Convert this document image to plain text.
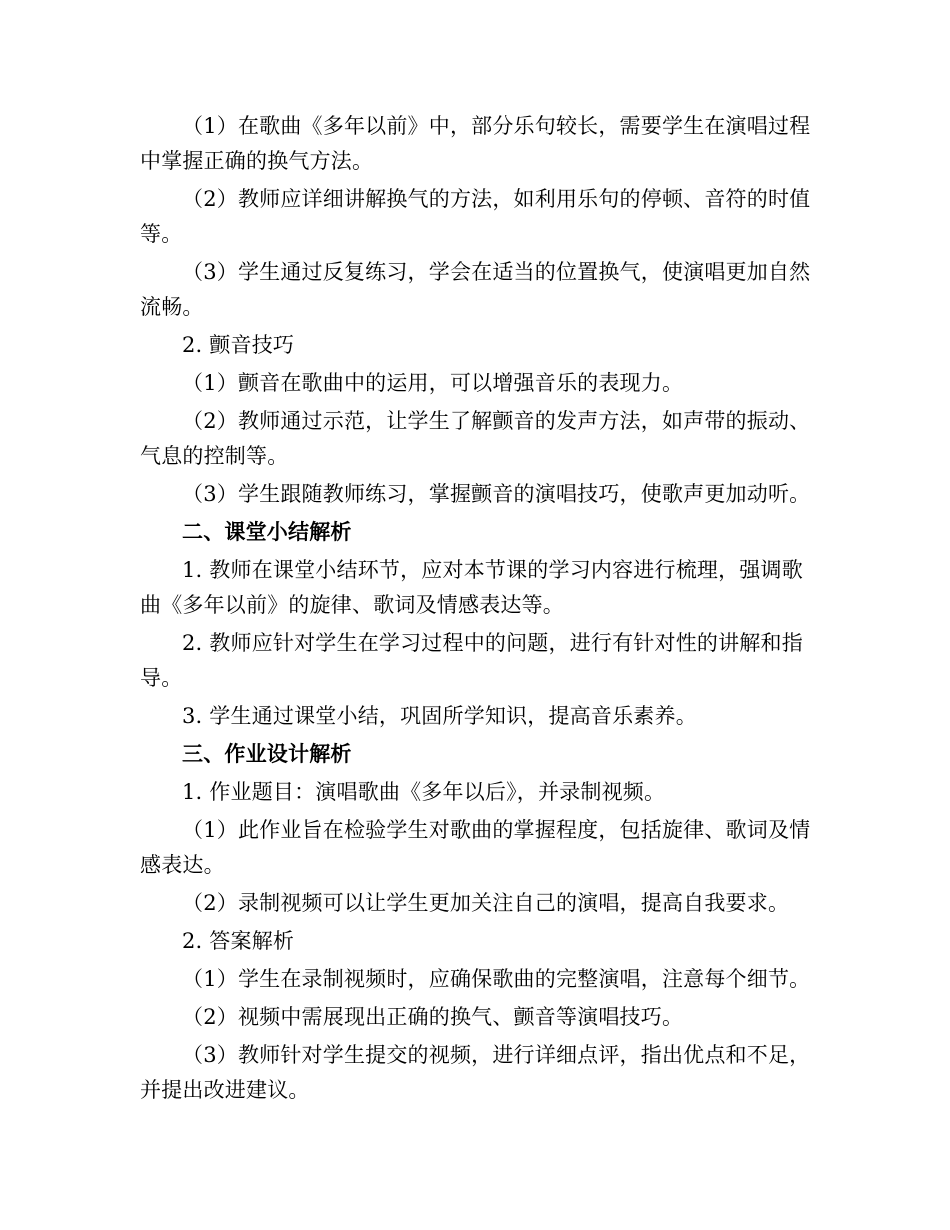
（1）在歌曲《多年以前》中，部分乐句较长，需要学生在演唱过程中掌握正确的换气方法。

（2）教师应详细讲解换气的方法，如利用乐句的停顿、音符的时值等。

（3）学生通过反复练习，学会在适当的位置换气，使演唱更加自然流畅。

2. 颤音技巧

（1）颤音在歌曲中的运用，可以增强音乐的表现力。

（2）教师通过示范，让学生了解颤音的发声方法，如声带的振动、气息的控制等。

（3）学生跟随教师练习，掌握颤音的演唱技巧，使歌声更加动听。

二、课堂小结解析

1. 教师在课堂小结环节，应对本节课的学习内容进行梳理，强调歌曲《多年以前》的旋律、歌词及情感表达等。

2. 教师应针对学生在学习过程中的问题，进行有针对性的讲解和指导。

3. 学生通过课堂小结，巩固所学知识，提高音乐素养。

三、作业设计解析

1. 作业题目：演唱歌曲《多年以后》，并录制视频。

（1）此作业旨在检验学生对歌曲的掌握程度，包括旋律、歌词及情感表达。

（2）录制视频可以让学生更加关注自己的演唱，提高自我要求。

2. 答案解析

（1）学生在录制视频时，应确保歌曲的完整演唱，注意每个细节。

（2）视频中需展现出正确的换气、颤音等演唱技巧。

（3）教师针对学生提交的视频，进行详细点评，指出优点和不足，并提出改进建议。
